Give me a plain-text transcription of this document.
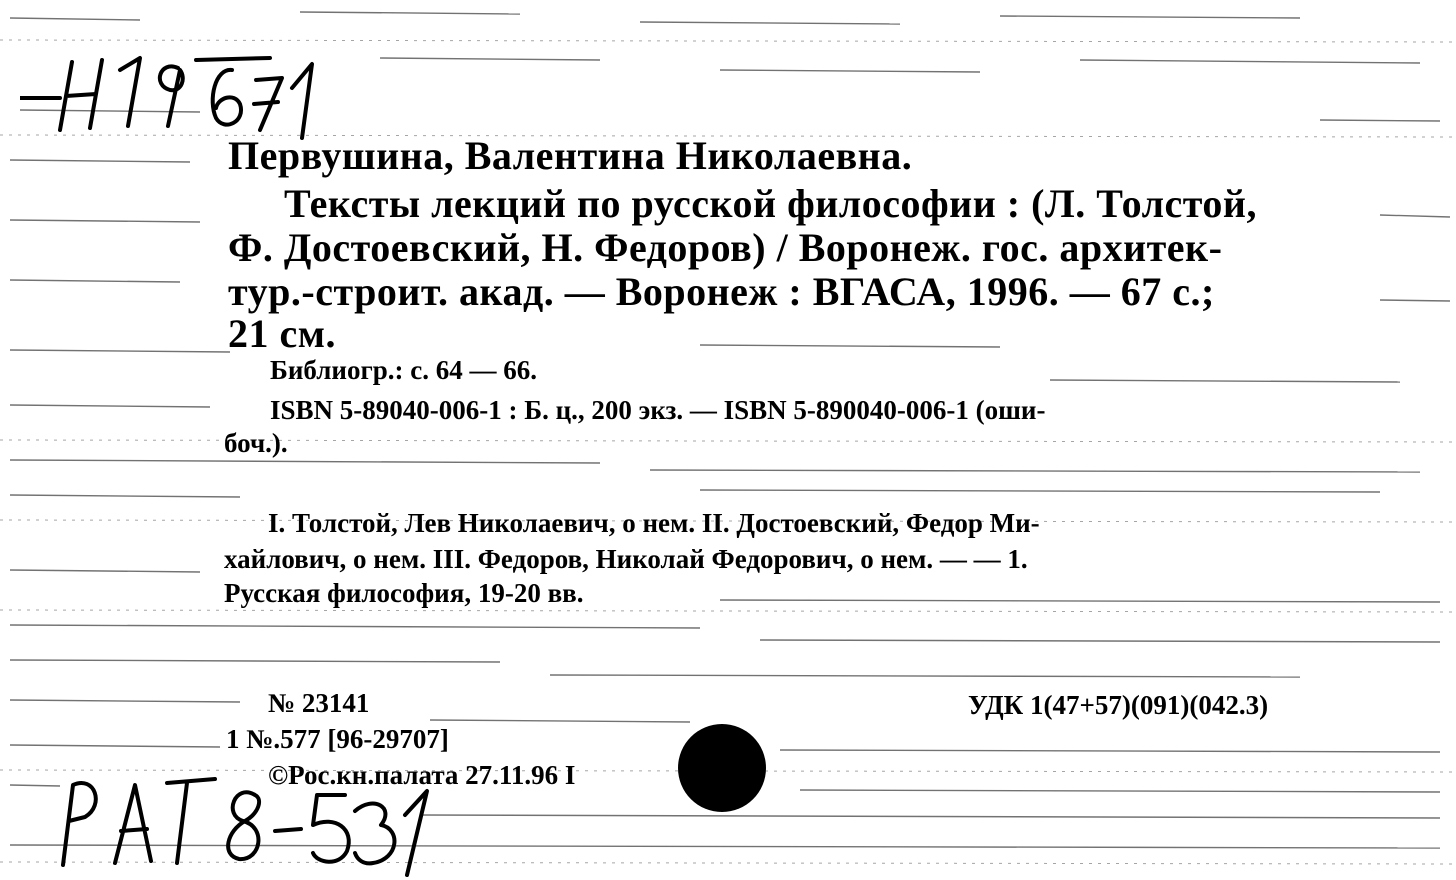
Первушина, Валентина Николаевна.
Тексты лекций по русской философии : (Л. Толстой,
Ф. Достоевский, Н. Федоров) / Воронеж. гос. архитек-
тур.-строит. акад. — Воронеж : ВГАСА, 1996. — 67 с.;
21 см.
Библиогр.: с. 64 — 66.
ISBN 5-89040-006-1 : Б. ц., 200 экз. — ISBN 5-890040-006-1 (оши-
боч.).
I. Толстой, Лев Николаевич, о нем. II. Достоевский, Федор Ми-
хайлович, о нем. III. Федоров, Николай Федорович, о нем. — — 1.
Русская философия, 19-20 вв.
№ 23141	УДК 1(47+57)(091)(042.3)
1 №.577 [96-29707]
©Рос.кн.палата 27.11.96 I
